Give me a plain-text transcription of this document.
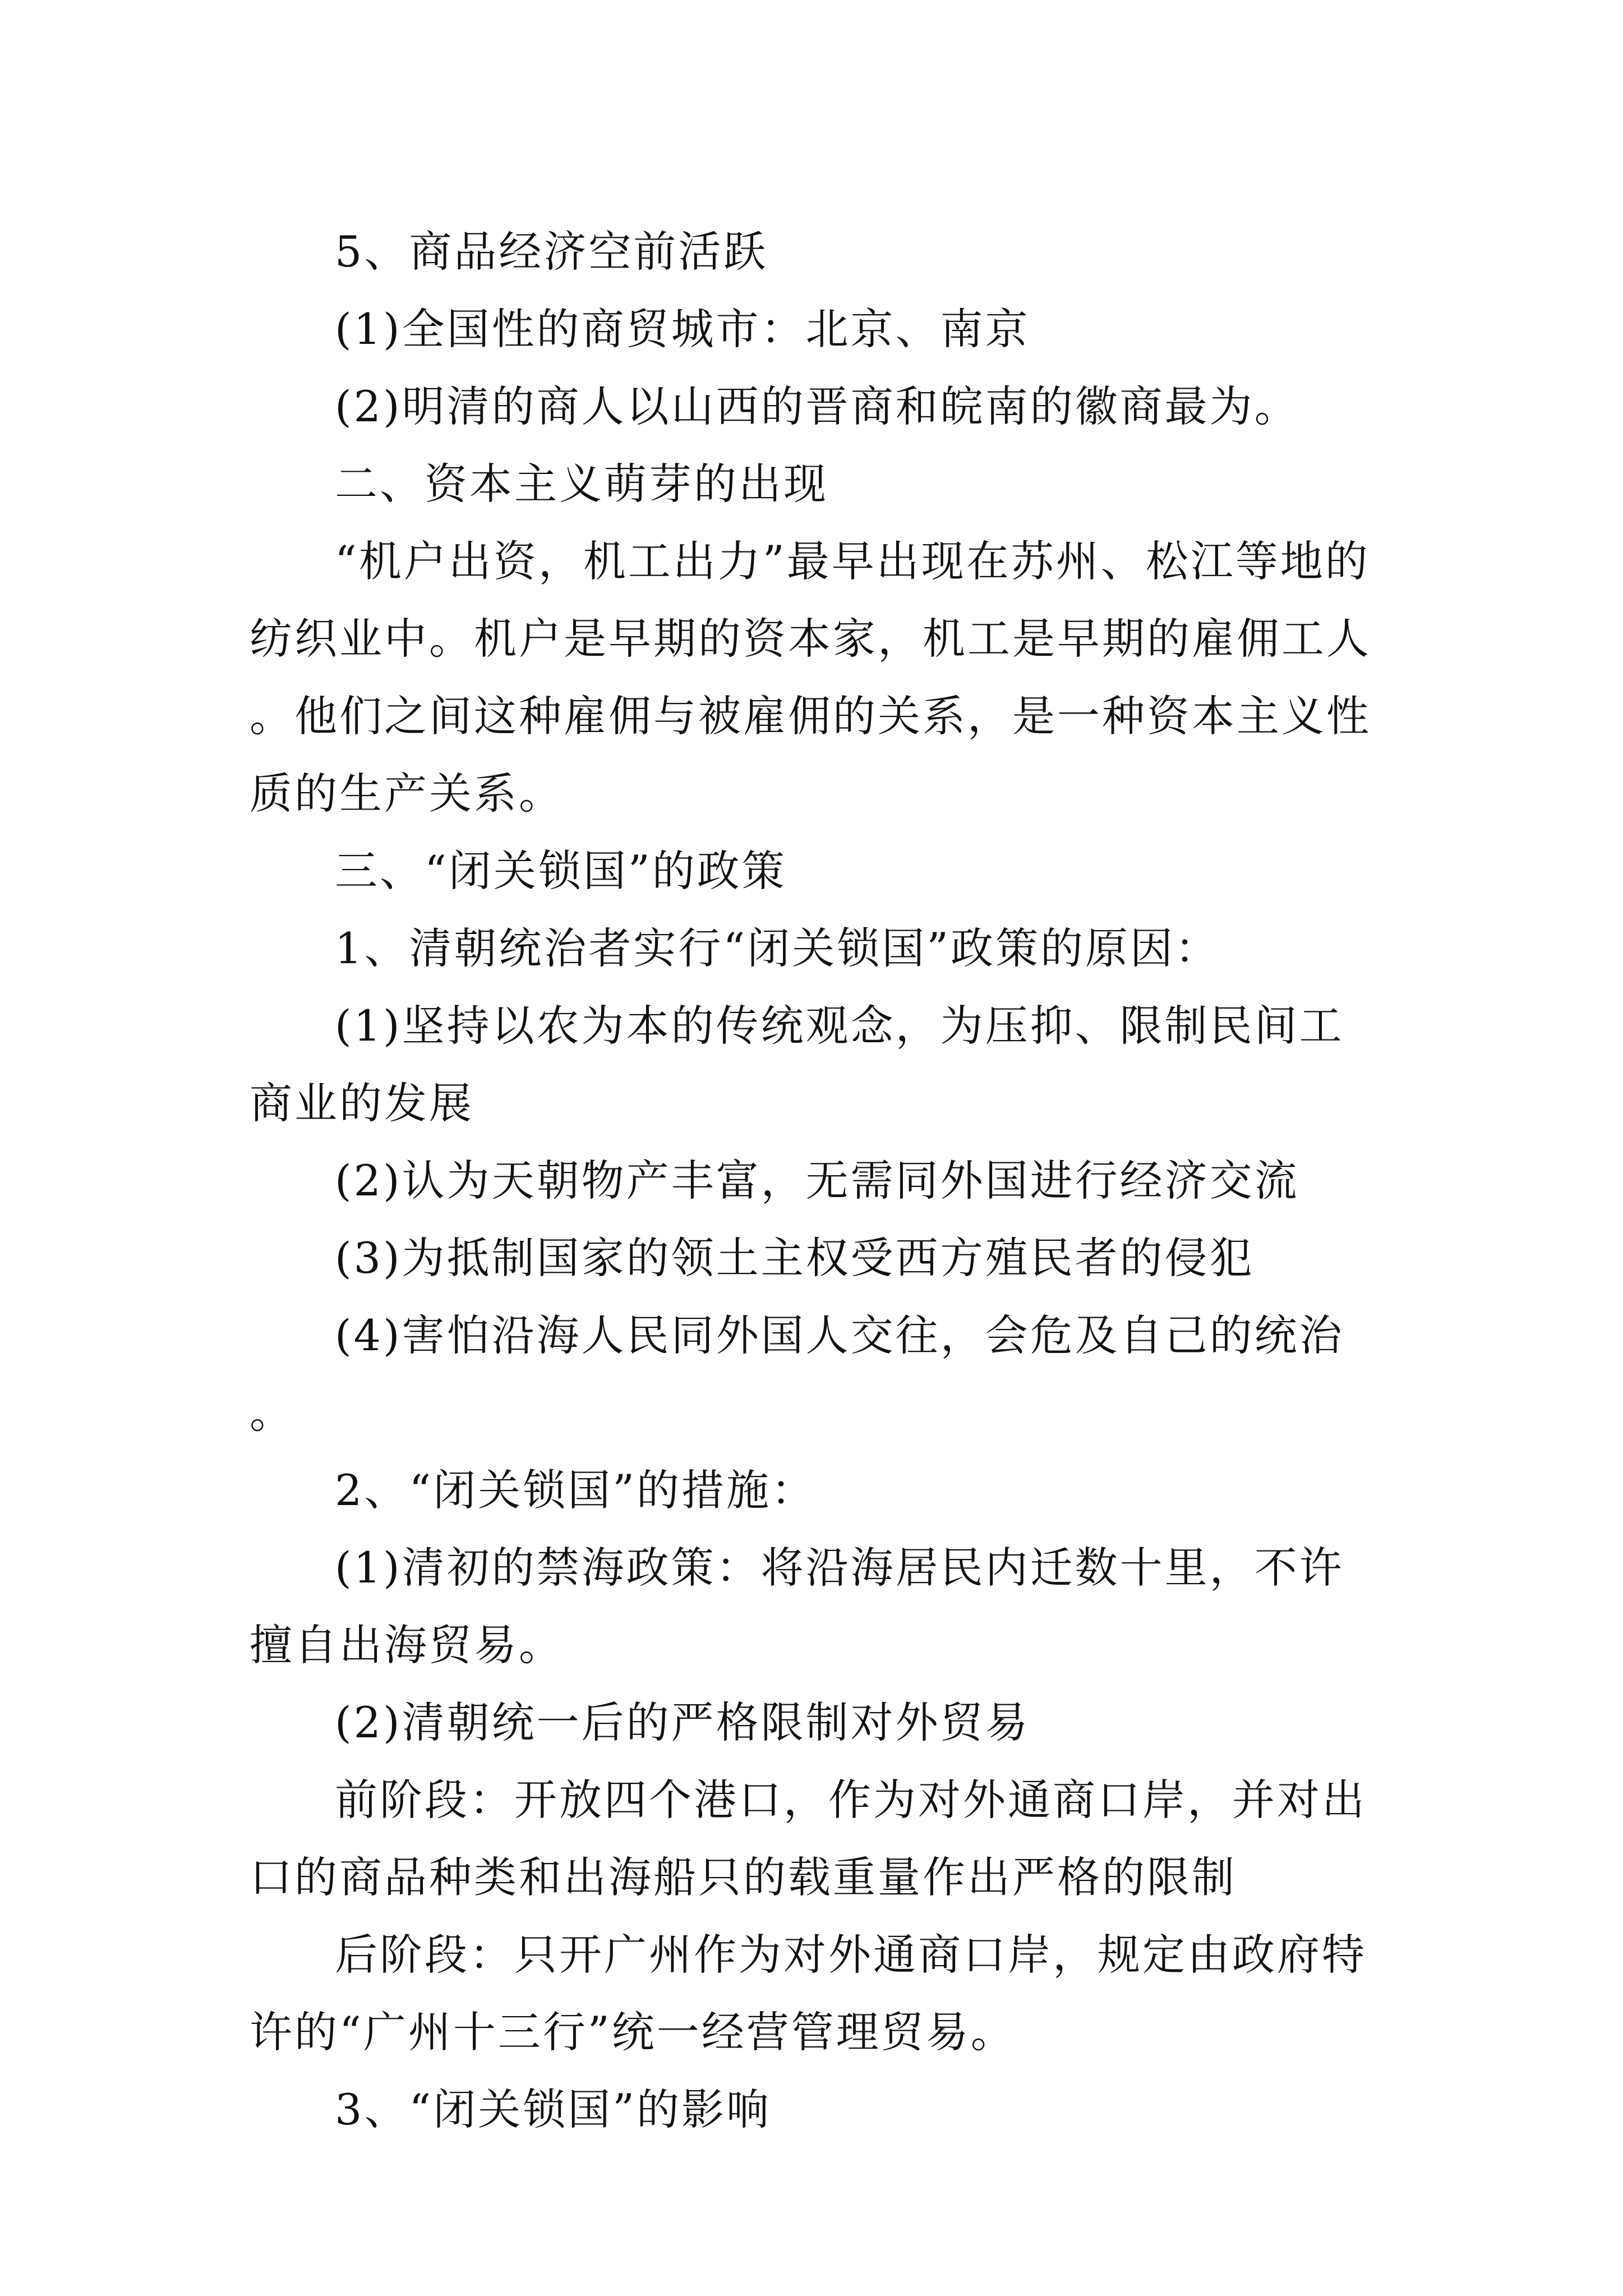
5、商品经济空前活跃

(1)全国性的商贸城市：北京、南京

(2)明清的商人以山西的晋商和皖南的徽商最为。

二、资本主义萌芽的出现

“机户出资，机工出力”最早出现在苏州、松江等地的纺织业中。机户是早期的资本家，机工是早期的雇佣工人。他们之间这种雇佣与被雇佣的关系，是一种资本主义性质的生产关系。

三、“闭关锁国”的政策

1、清朝统治者实行“闭关锁国”政策的原因：

(1)坚持以农为本的传统观念，为压抑、限制民间工商业的发展

(2)认为天朝物产丰富，无需同外国进行经济交流

(3)为抵制国家的领土主权受西方殖民者的侵犯

(4)害怕沿海人民同外国人交往，会危及自己的统治。

2、“闭关锁国”的措施：

(1)清初的禁海政策：将沿海居民内迁数十里，不许擅自出海贸易。

(2)清朝统一后的严格限制对外贸易

前阶段：开放四个港口，作为对外通商口岸，并对出口的商品种类和出海船只的载重量作出严格的限制

后阶段：只开广州作为对外通商口岸，规定由政府特许的“广州十三行”统一经营管理贸易。

3、“闭关锁国”的影响
